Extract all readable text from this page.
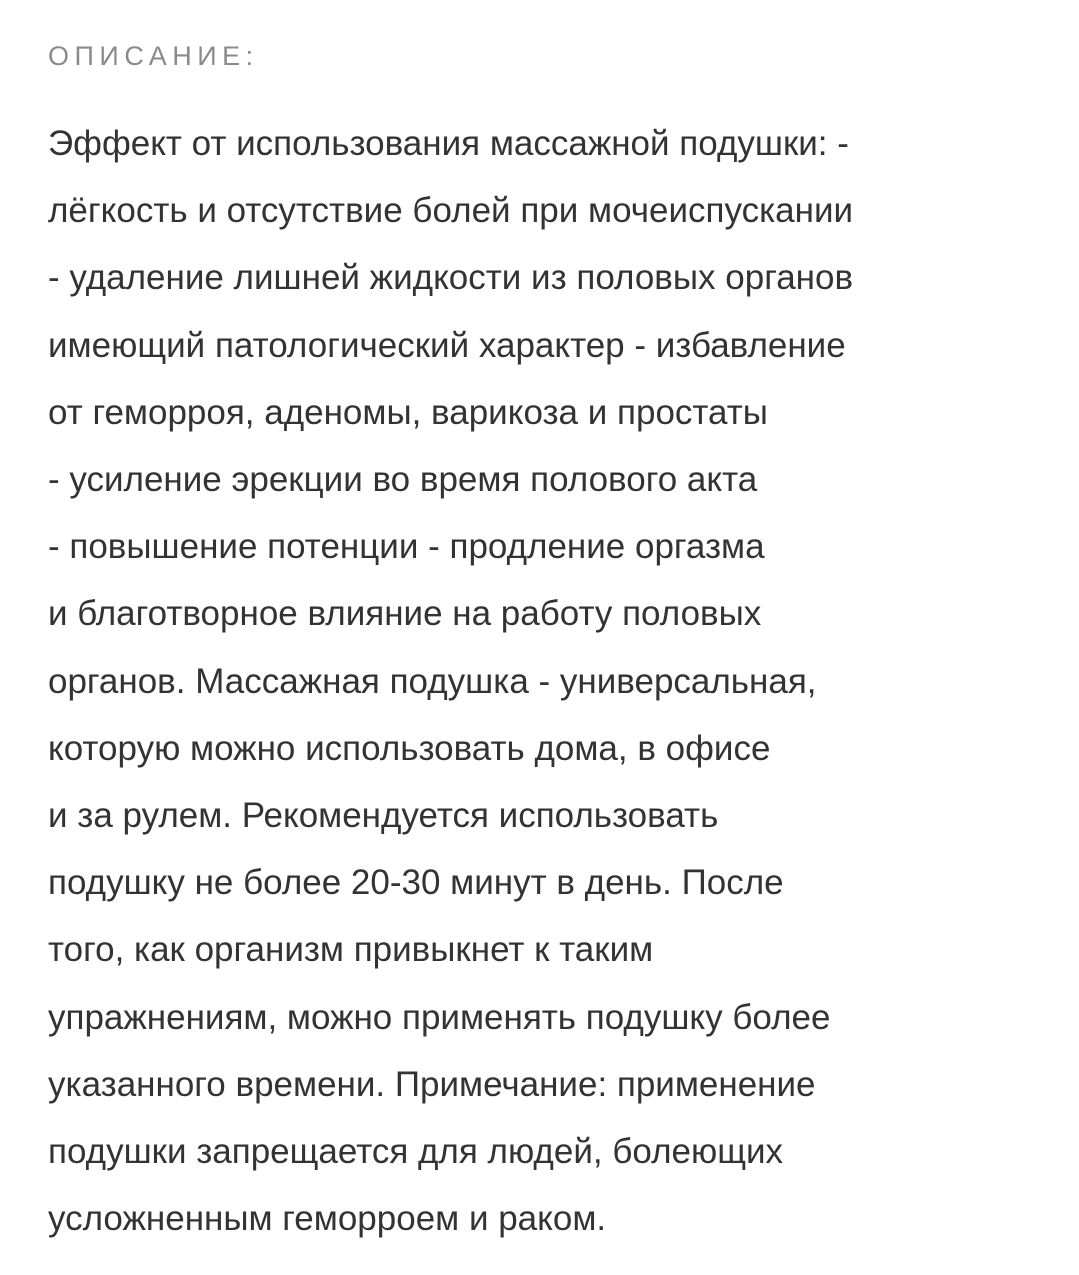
ОПИСАНИЕ:
Эффект от использования массажной подушки: -
лёгкость и отсутствие болей при мочеиспускании
- удаление лишней жидкости из половых органов
имеющий патологический характер - избавление
от геморроя, аденомы, варикоза и простаты
- усиление эрекции во время полового акта
- повышение потенции - продление оргазма
и благотворное влияние на работу половых
органов. Массажная подушка - универсальная,
которую можно использовать дома, в офисе
и за рулем. Рекомендуется использовать
подушку не более 20-30 минут в день. После
того, как организм привыкнет к таким
упражнениям, можно применять подушку более
указанного времени. Примечание: применение
подушки запрещается для людей, болеющих
усложненным геморроем и раком.
